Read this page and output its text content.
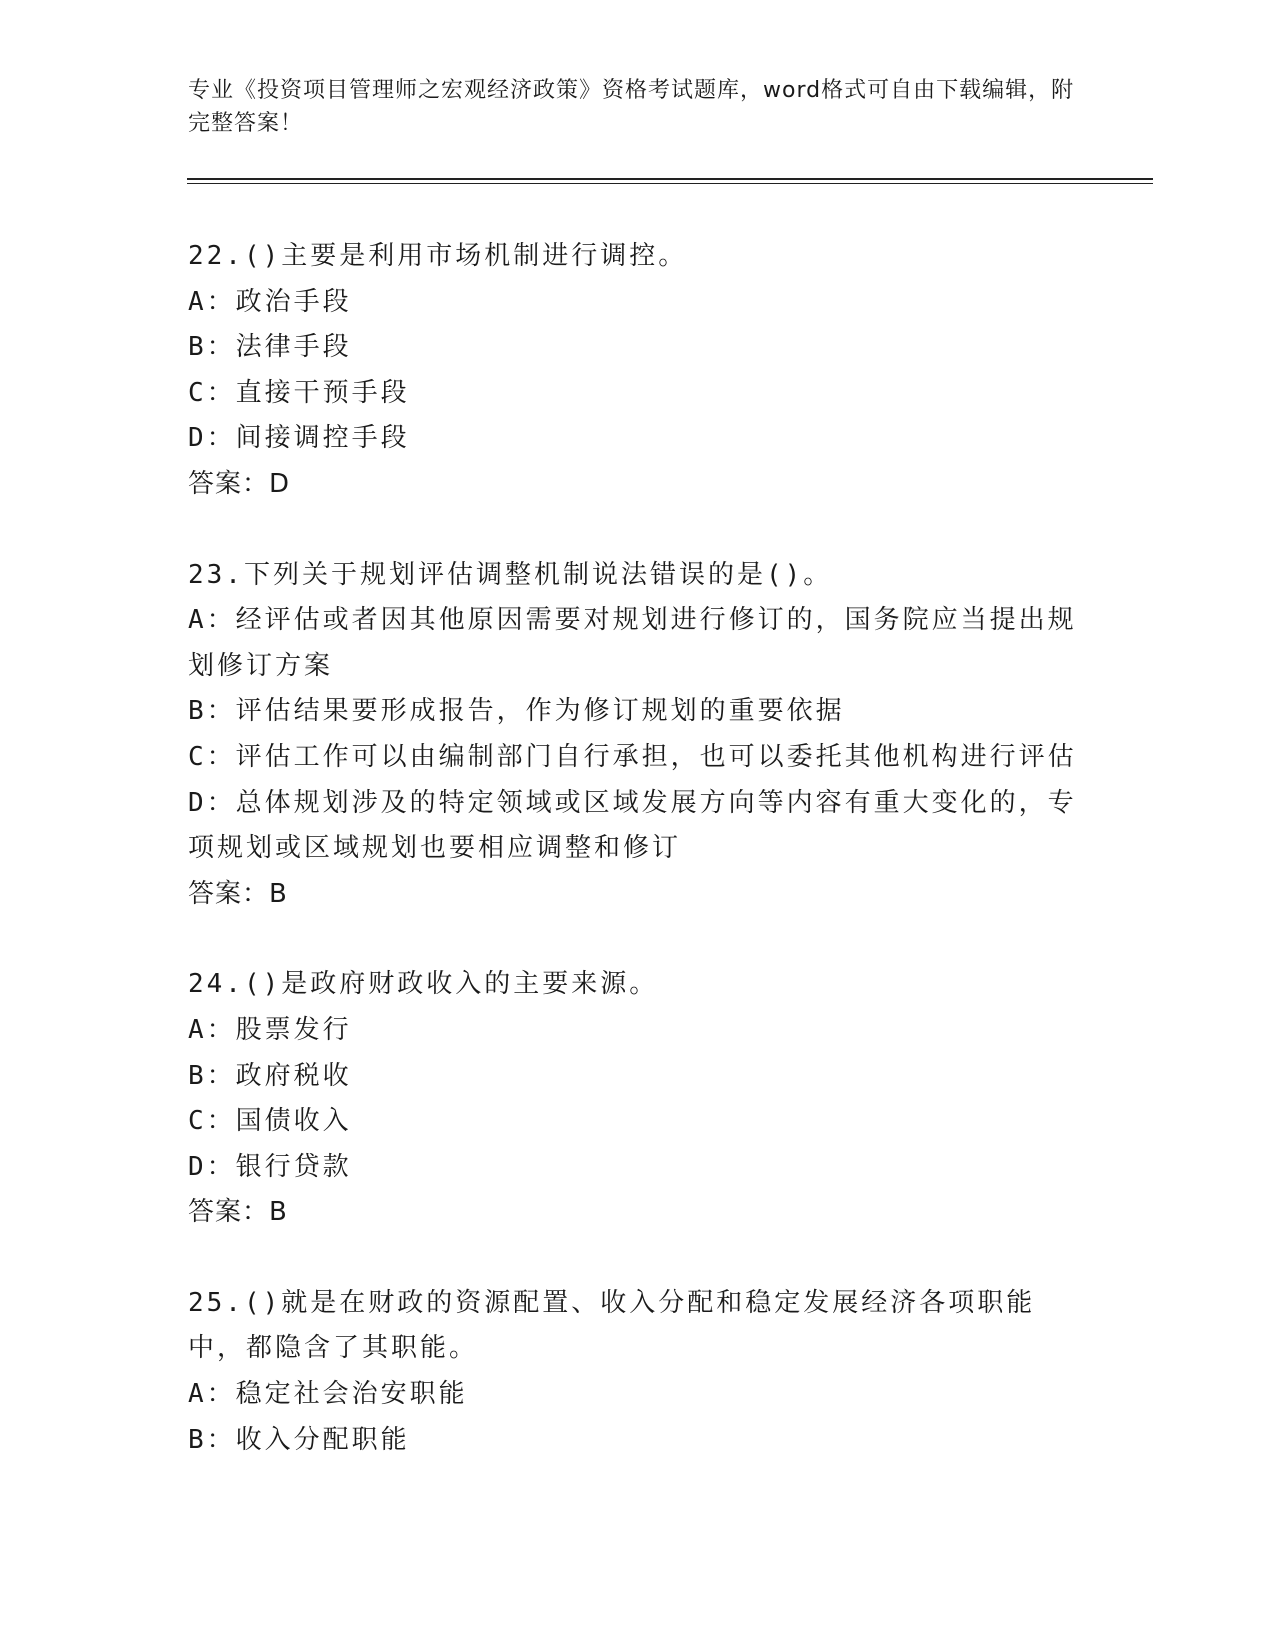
专业《投资项目管理师之宏观经济政策》资格考试题库，word格式可自由下载编辑，附完整答案！
22.()主要是利用市场机制进行调控。
A：政治手段
B：法律手段
C：直接干预手段
D：间接调控手段
答案：D
23.下列关于规划评估调整机制说法错误的是()。
A：经评估或者因其他原因需要对规划进行修订的，国务院应当提出规划修订方案
B：评估结果要形成报告，作为修订规划的重要依据
C：评估工作可以由编制部门自行承担，也可以委托其他机构进行评估
D：总体规划涉及的特定领域或区域发展方向等内容有重大变化的，专项规划或区域规划也要相应调整和修订
答案：B
24.()是政府财政收入的主要来源。
A：股票发行
B：政府税收
C：国债收入
D：银行贷款
答案：B
25.()就是在财政的资源配置、收入分配和稳定发展经济各项职能中，都隐含了其职能。
A：稳定社会治安职能
B：收入分配职能
